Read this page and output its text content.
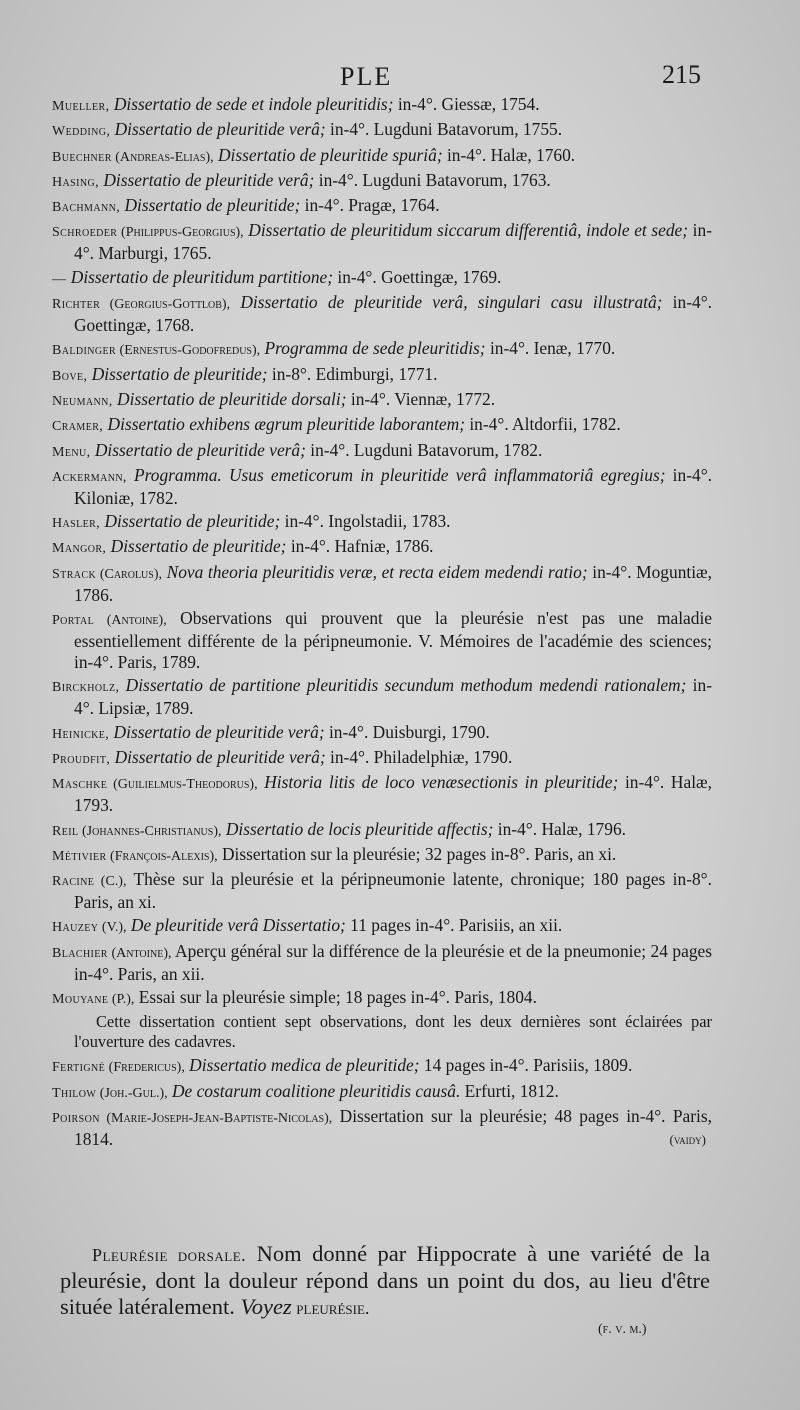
PLE	215

Mueller, Dissertatio de sede et indole pleuritidis; in-4°. Giessæ, 1754.

Wedding, Dissertatio de pleuritide verâ; in-4°. Lugduni Batavorum, 1755.

Buechner (Andreas-Elias), Dissertatio de pleuritide spuriâ; in-4°. Halæ, 1760.

Hasing, Dissertatio de pleuritide verâ; in-4°. Lugduni Batavorum, 1763.

Bachmann, Dissertatio de pleuritide; in-4°. Pragæ, 1764.

Schroeder (Philippus-Georgius), Dissertatio de pleuritidum siccarum differentiâ, indole et sede; in-4°. Marburgi, 1765.

— Dissertatio de pleuritidum partitione; in-4°. Goettingæ, 1769.

Richter (Georgius-Gottlob), Dissertatio de pleuritide verâ, singulari casu illustratâ; in-4°. Goettingæ, 1768.

Baldinger (Ernestus-Godofredus), Programma de sede pleuritidis; in-4°. Ienæ, 1770.

Bove, Dissertatio de pleuritide; in-8°. Edimburgi, 1771.

Neumann, Dissertatio de pleuritide dorsali; in-4°. Viennæ, 1772.

Cramer, Dissertatio exhibens ægrum pleuritide laborantem; in-4°. Altdorfii, 1782.

Menu, Dissertatio de pleuritide verâ; in-4°. Lugduni Batavorum, 1782.

Ackermann, Programma. Usus emeticorum in pleuritide verâ inflammatoriâ egregius; in-4°. Kiloniæ, 1782.

Hasler, Dissertatio de pleuritide; in-4°. Ingolstadii, 1783.

Mangor, Dissertatio de pleuritide; in-4°. Hafniæ, 1786.

Strack (Carolus), Nova theoria pleuritidis veræ, et recta eidem medendi ratio; in-4°. Moguntiæ, 1786.

Portal (Antoine), Observations qui prouvent que la pleurésie n'est pas une maladie essentiellement différente de la péripneumonie. V. Mémoires de l'académie des sciences; in-4°. Paris, 1789.

Birckholz, Dissertatio de partitione pleuritidis secundum methodum medendi rationalem; in-4°. Lipsiæ, 1789.

Heinicke, Dissertatio de pleuritide verâ; in-4°. Duisburgi, 1790.

Proudfit, Dissertatio de pleuritide verâ; in-4°. Philadelphiæ, 1790.

Maschke (Guilielmus-Theodorus), Historia litis de loco venæsectionis in pleuritide; in-4°. Halæ, 1793.

Reil (Johannes-Christianus), Dissertatio de locis pleuritide affectis; in-4°. Halæ, 1796.

Métivier (François-Alexis), Dissertation sur la pleurésie; 32 pages in-8°. Paris, an xi.

Racine (C.), Thèse sur la pleurésie et la péripneumonie latente, chronique; 180 pages in-8°. Paris, an xi.

Hauzey (V.), De pleuritide verâ Dissertatio; 11 pages in-4°. Parisiis, an xii.

Blachier (Antoine), Aperçu général sur la différence de la pleurésie et de la pneumonie; 24 pages in-4°. Paris, an xii.

Mouyane (P.), Essai sur la pleurésie simple; 18 pages in-4°. Paris, 1804.

Cette dissertation contient sept observations, dont les deux dernières sont éclairées par l'ouverture des cadavres.

Fertigné (Fredericus), Dissertatio medica de pleuritide; 14 pages in-4°. Parisiis, 1809.

Thilow (Joh.-Gul.), De costarum coalitione pleuritidis causâ. Erfurti, 1812.

Poirson (Marie-Joseph-Jean-Baptiste-Nicolas), Dissertation sur la pleurésie; 48 pages in-4°. Paris, 1814.	(vaidy)

Pleurésie dorsale. Nom donné par Hippocrate à une variété de la pleurésie, dont la douleur répond dans un point du dos, au lieu d'être située latéralement. Voyez pleurésie.

(f. v. m.)
